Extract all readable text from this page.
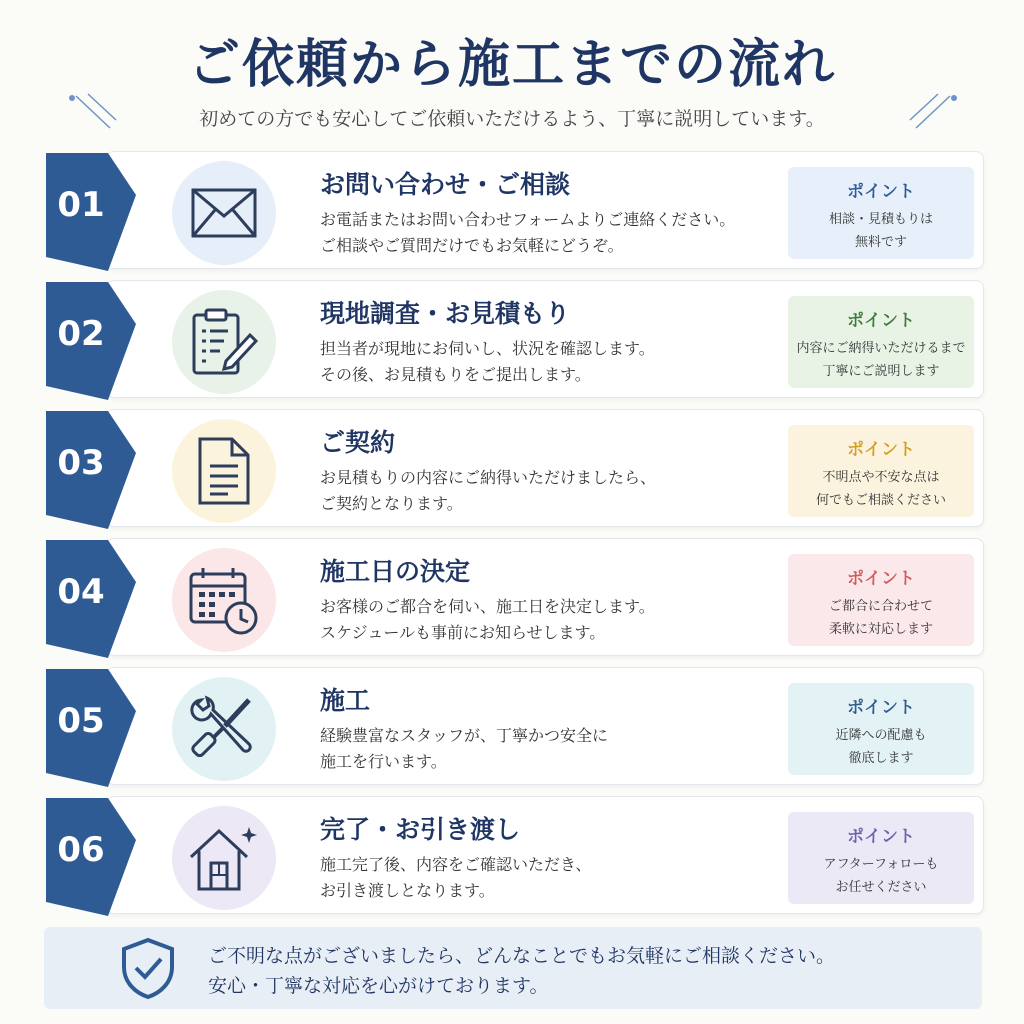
ご依頼から施工までの流れ
初めての方でも安心してご依頼いただけるよう、丁寧に説明しています。
01
お問い合わせ・ご相談
お電話またはお問い合わせフォームよりご連絡ください。
ご相談やご質問だけでもお気軽にどうぞ。
ポイント
相談・見積もりは
無料です
02
現地調査・お見積もり
担当者が現地にお伺いし、状況を確認します。
その後、お見積もりをご提出します。
ポイント
内容にご納得いただけるまで
丁寧にご説明します
03
ご契約
お見積もりの内容にご納得いただけましたら、
ご契約となります。
ポイント
不明点や不安な点は
何でもご相談ください
04
施工日の決定
お客様のご都合を伺い、施工日を決定します。
スケジュールも事前にお知らせします。
ポイント
ご都合に合わせて
柔軟に対応します
05
施工
経験豊富なスタッフが、丁寧かつ安全に
施工を行います。
ポイント
近隣への配慮も
徹底します
06
完了・お引き渡し
施工完了後、内容をご確認いただき、
お引き渡しとなります。
ポイント
アフターフォローも
お任せください
ご不明な点がございましたら、どんなことでもお気軽にご相談ください。
安心・丁寧な対応を心がけております。
